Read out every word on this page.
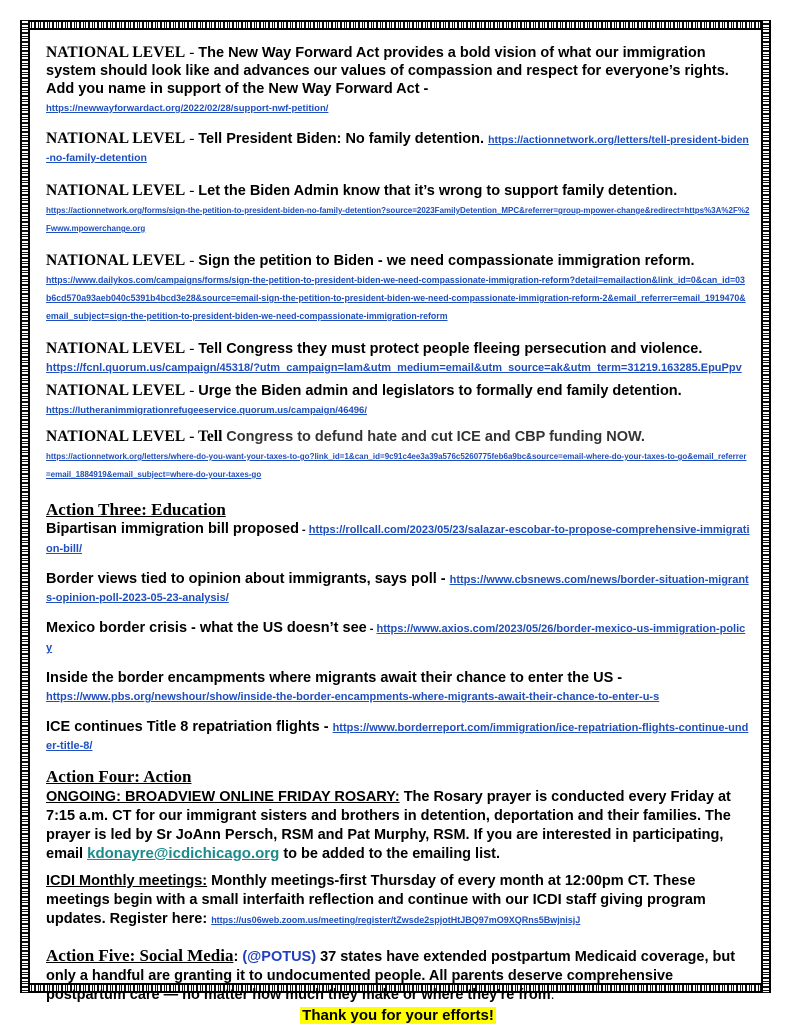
NATIONAL LEVEL - The New Way Forward Act provides a bold vision of what our immigration system should look like and advances our values of compassion and respect for everyone’s rights. Add you name in support of the New Way Forward Act -
https://newwayforwardact.org/2022/02/28/support-nwf-petition/

NATIONAL LEVEL - Tell President Biden: No family detention. https://actionnetwork.org/letters/tell-president-biden-no-family-detention

NATIONAL LEVEL - Let the Biden Admin know that it’s wrong to support family detention.
https://actionnetwork.org/forms/sign-the-petition-to-president-biden-no-family-detention?source=2023FamilyDetention_MPC&referrer=group-mpower-change&redirect=https%3A%2F%2Fwww.mpowerchange.org

NATIONAL LEVEL - Sign the petition to Biden - we need compassionate immigration reform.
https://www.dailykos.com/campaigns/forms/sign-the-petition-to-president-biden-we-need-compassionate-immigration-reform?detail=emailaction&link_id=0&can_id=03b6cd570a93aeb040c5391b4bcd3e28&source=email-sign-the-petition-to-president-biden-we-need-compassionate-immigration-reform-2&email_referrer=email_1919470&email_subject=sign-the-petition-to-president-biden-we-need-compassionate-immigration-reform

NATIONAL LEVEL - Tell Congress they must protect people fleeing persecution and violence.
https://fcnl.quorum.us/campaign/45318/?utm_campaign=lam&utm_medium=email&utm_source=ak&utm_term=31219.163285.EpuPpv

NATIONAL LEVEL - Urge the Biden admin and legislators to formally end family detention.
https://lutheranimmigrationrefugeeservice.quorum.us/campaign/46496/

NATIONAL LEVEL - Tell Congress to defund hate and cut ICE and CBP funding NOW.
https://actionnetwork.org/letters/where-do-you-want-your-taxes-to-go?link_id=1&can_id=9c91c4ee3a39a576c5260775feb6a9bc&source=email-where-do-your-taxes-to-go&email_referrer=email_1884919&email_subject=where-do-your-taxes-go

Action Three: Education

Bipartisan immigration bill proposed - https://rollcall.com/2023/05/23/salazar-escobar-to-propose-comprehensive-immigration-bill/

Border views tied to opinion about immigrants, says poll - https://www.cbsnews.com/news/border-situation-migrants-opinion-poll-2023-05-23-analysis/

Mexico border crisis - what the US doesn’t see - https://www.axios.com/2023/05/26/border-mexico-us-immigration-policy

Inside the border encampments where migrants await their chance to enter the US -
https://www.pbs.org/newshour/show/inside-the-border-encampments-where-migrants-await-their-chance-to-enter-u-s

ICE continues Title 8 repatriation flights - https://www.borderreport.com/immigration/ice-repatriation-flights-continue-under-title-8/

Action Four: Action

ONGOING: BROADVIEW ONLINE FRIDAY ROSARY: The Rosary prayer is conducted every Friday at 7:15 a.m. CT for our immigrant sisters and brothers in detention, deportation and their families. The prayer is led by Sr JoAnn Persch, RSM and Pat Murphy, RSM. If you are interested in participating, email kdonayre@icdichicago.org to be added to the emailing list.

ICDI Monthly meetings: Monthly meetings-first Thursday of every month at 12:00pm CT. These meetings begin with a small interfaith reflection and continue with our ICDI staff giving program updates. Register here: https://us06web.zoom.us/meeting/register/tZwsde2spjotHtJBQ97mO9XQRns5BwjnisjJ

Action Five: Social Media: (@POTUS) 37 states have extended postpartum Medicaid coverage, but only a handful are granting it to undocumented people. All parents deserve comprehensive postpartum care — no matter how much they make or where they're from.

Thank you for your efforts!
